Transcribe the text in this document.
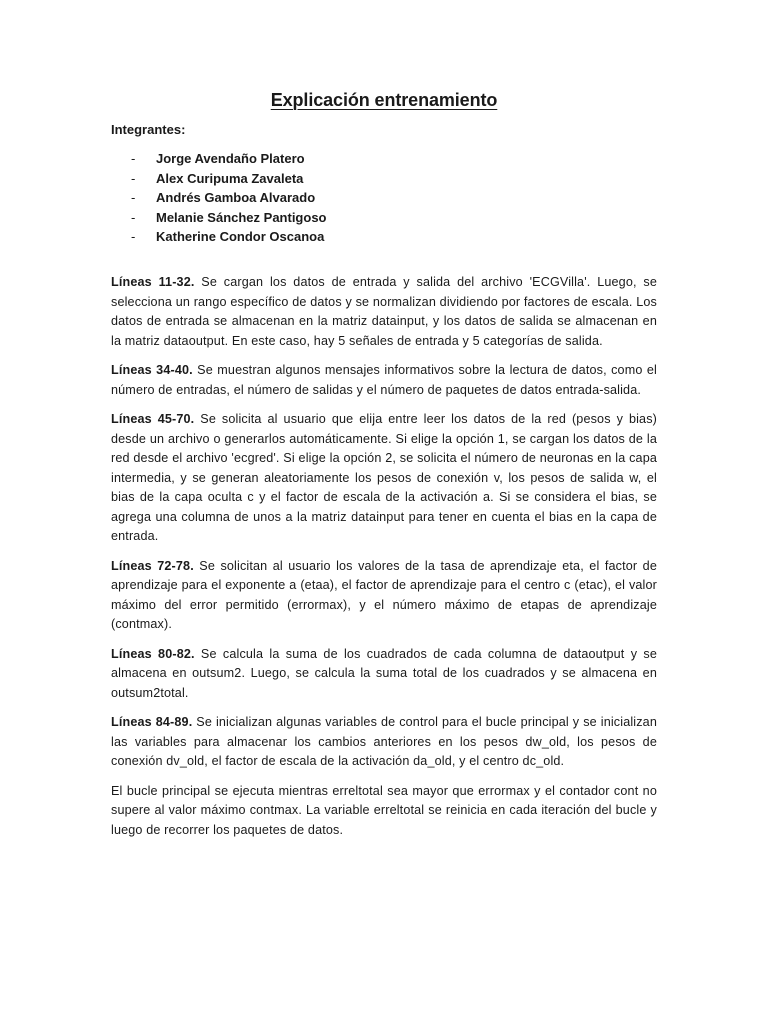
Explicación entrenamiento
Integrantes:
-	Jorge Avendaño Platero
-	Alex Curipuma Zavaleta
-	Andrés Gamboa Alvarado
-	Melanie Sánchez Pantigoso
-	Katherine Condor Oscanoa

Líneas 11-32. Se cargan los datos de entrada y salida del archivo 'ECGVilla'. Luego, se selecciona un rango específico de datos y se normalizan dividiendo por factores de escala. Los datos de entrada se almacenan en la matriz datainput, y los datos de salida se almacenan en la matriz dataoutput. En este caso, hay 5 señales de entrada y 5 categorías de salida.

Líneas 34-40. Se muestran algunos mensajes informativos sobre la lectura de datos, como el número de entradas, el número de salidas y el número de paquetes de datos entrada-salida.

Líneas 45-70. Se solicita al usuario que elija entre leer los datos de la red (pesos y bias) desde un archivo o generarlos automáticamente. Si elige la opción 1, se cargan los datos de la red desde el archivo 'ecgred'. Si elige la opción 2, se solicita el número de neuronas en la capa intermedia, y se generan aleatoriamente los pesos de conexión v, los pesos de salida w, el bias de la capa oculta c y el factor de escala de la activación a. Si se considera el bias, se agrega una columna de unos a la matriz datainput para tener en cuenta el bias en la capa de entrada.

Líneas 72-78. Se solicitan al usuario los valores de la tasa de aprendizaje eta, el factor de aprendizaje para el exponente a (etaa), el factor de aprendizaje para el centro c (etac), el valor máximo del error permitido (errormax), y el número máximo de etapas de aprendizaje (contmax).

Líneas 80-82. Se calcula la suma de los cuadrados de cada columna de dataoutput y se almacena en outsum2. Luego, se calcula la suma total de los cuadrados y se almacena en outsum2total.

Líneas 84-89. Se inicializan algunas variables de control para el bucle principal y se inicializan las variables para almacenar los cambios anteriores en los pesos dw_old, los pesos de conexión dv_old, el factor de escala de la activación da_old, y el centro dc_old.

El bucle principal se ejecuta mientras erreltotal sea mayor que errormax y el contador cont no supere al valor máximo contmax. La variable erreltotal se reinicia en cada iteración del bucle y luego de recorrer los paquetes de datos.
